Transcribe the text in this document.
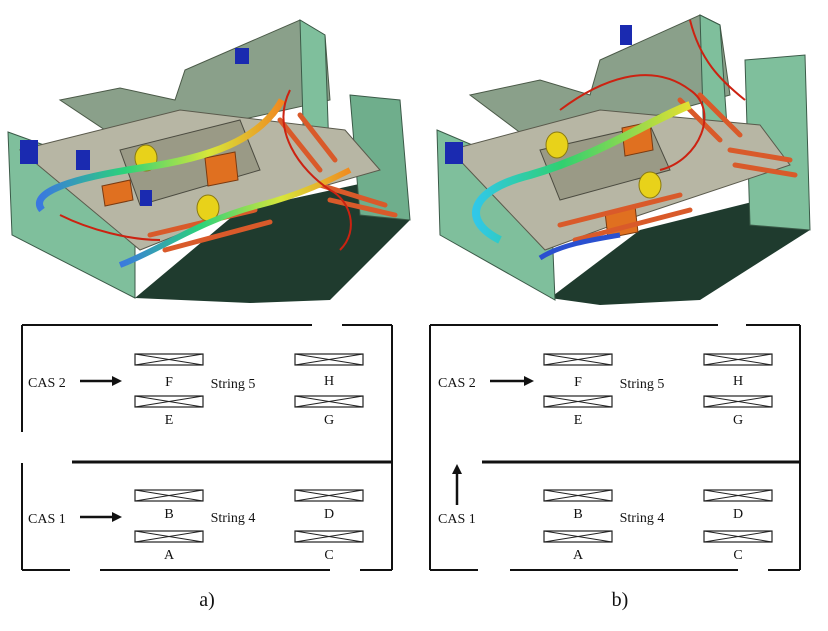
F
E
H
G
B
A
D
C
String 5
String 4
CAS 2
CAS 1
a)
F
E
H
G
B
A
D
C
String 5
String 4
CAS 2
CAS 1
b)
